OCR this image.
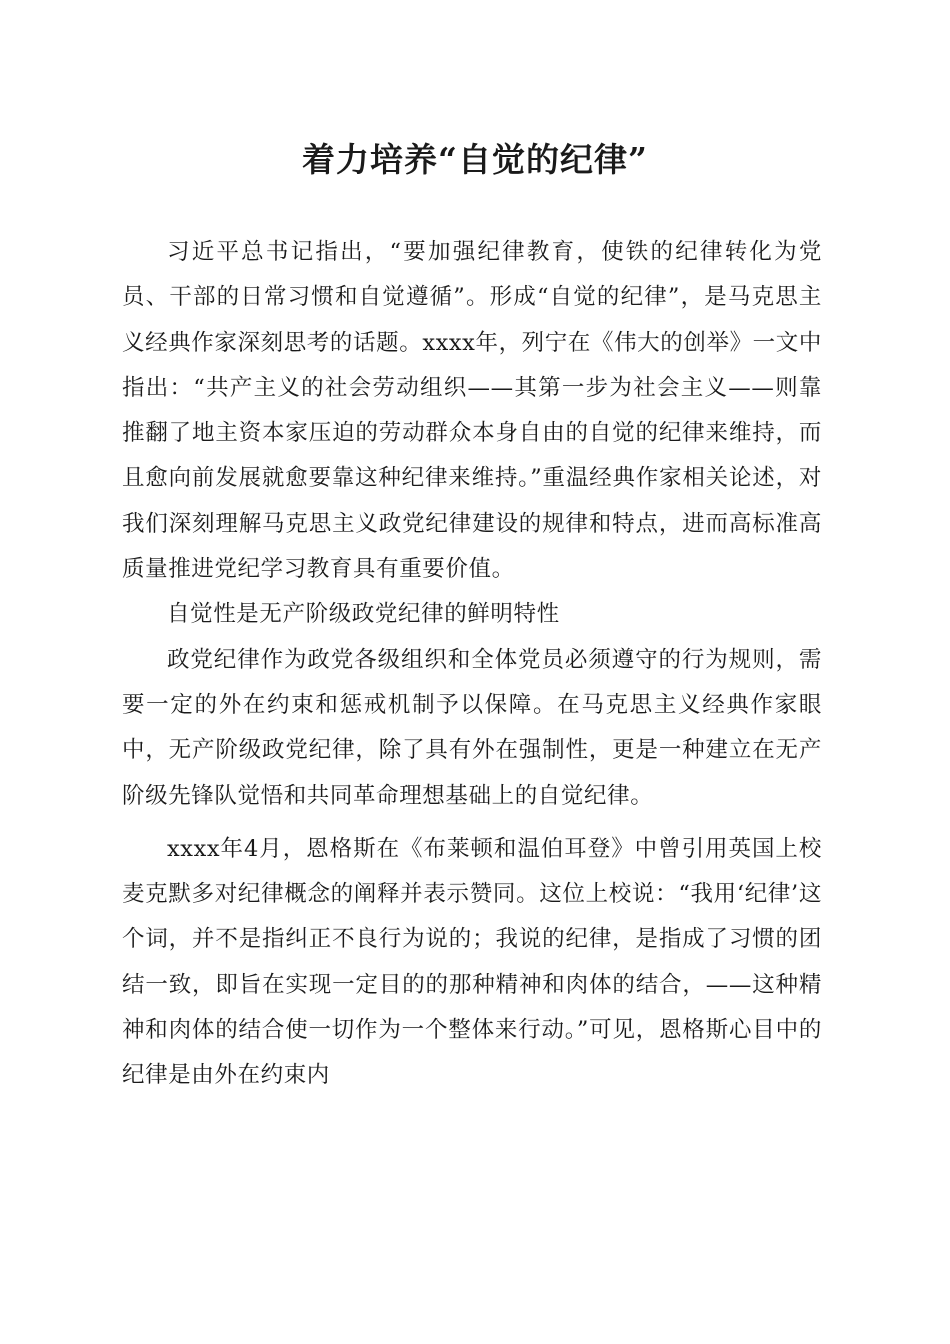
着力培养“自觉的纪律”

习近平总书记指出，“要加强纪律教育，使铁的纪律转化为党员、干部的日常习惯和自觉遵循”。形成“自觉的纪律”，是马克思主义经典作家深刻思考的话题。xxxx年，列宁在《伟大的创举》一文中指出：“共产主义的社会劳动组织——其第一步为社会主义——则靠推翻了地主资本家压迫的劳动群众本身自由的自觉的纪律来维持，而且愈向前发展就愈要靠这种纪律来维持。”重温经典作家相关论述，对我们深刻理解马克思主义政党纪律建设的规律和特点，进而高标准高质量推进党纪学习教育具有重要价值。

自觉性是无产阶级政党纪律的鲜明特性

政党纪律作为政党各级组织和全体党员必须遵守的行为规则，需要一定的外在约束和惩戒机制予以保障。在马克思主义经典作家眼中，无产阶级政党纪律，除了具有外在强制性，更是一种建立在无产阶级先锋队觉悟和共同革命理想基础上的自觉纪律。

xxxx年4月，恩格斯在《布莱顿和温伯耳登》中曾引用英国上校麦克默多对纪律概念的阐释并表示赞同。这位上校说：“我用‘纪律’这个词，并不是指纠正不良行为说的；我说的纪律，是指成了习惯的团结一致，即旨在实现一定目的的那种精神和肉体的结合，——这种精神和肉体的结合使一切作为一个整体来行动。”可见，恩格斯心目中的纪律是由外在约束内
